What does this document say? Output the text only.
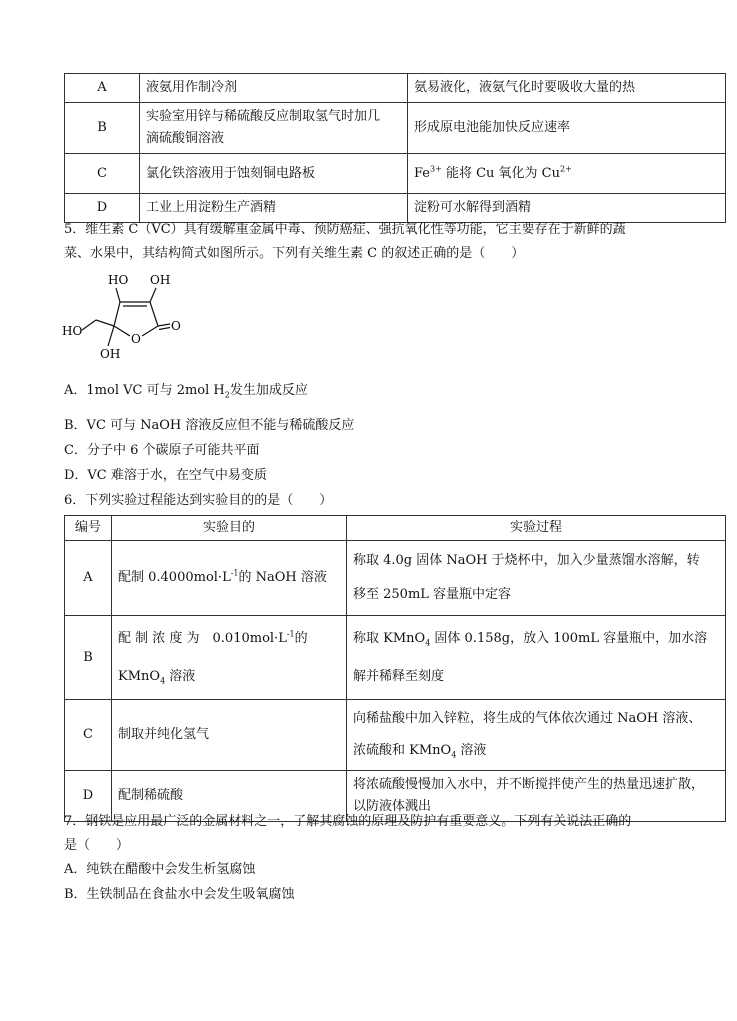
A	液氨用作制冷剂	氨易液化，液氨气化时要吸收大量的热
B	实验室用锌与稀硫酸反应制取氢气时加几
滴硫酸铜溶液	形成原电池能加快反应速率
C	氯化铁溶液用于蚀刻铜电路板	$Fe^{3+}$ 能将 Cu 氧化为 $Cu^{2+}$
D	工业上用淀粉生产酒精	淀粉可水解得到酒精
5．维生素 C（VC）具有缓解重金属中毒、预防癌症、强抗氧化性等功能，它主要存在于新鲜的蔬
菜、水果中，其结构简式如图所示。下列有关维生素 C 的叙述正确的是（　　）
HO OH
O
O
HO
OH
A．1mol VC 可与 2mol $H_2$发生加成反应
B．VC 可与 NaOH 溶液反应但不能与稀硫酸反应
C．分子中 6 个碳原子可能共平面
D．VC 难溶于水，在空气中易变质
6．下列实验过程能达到实验目的的是（　　）
编号	实验目的	实验过程
A	配制 $0.4000mol\cdot L^{-1}$的 NaOH 溶液	称取 4.0g 固体 NaOH 于烧杯中，加入少量蒸馏水溶解，转
移至 250mL 容量瓶中定容
B	配 制 浓 度 为　$0.010mol\cdot L^{-1}$的
KMnO$_4$ 溶液	称取 KMnO$_4$ 固体 0.158g，放入 100mL 容量瓶中，加水溶
解并稀释至刻度
C	制取并纯化氢气	向稀盐酸中加入锌粒，将生成的气体依次通过 NaOH 溶液、
浓硫酸和 KMnO$_4$ 溶液
D	配制稀硫酸	将浓硫酸慢慢加入水中，并不断搅拌使产生的热量迅速扩散，
以防液体溅出
7．钢铁是应用最广泛的金属材料之一，了解其腐蚀的原理及防护有重要意义。下列有关说法正确的
是（　　）
A．纯铁在醋酸中会发生析氢腐蚀
B．生铁制品在食盐水中会发生吸氧腐蚀
